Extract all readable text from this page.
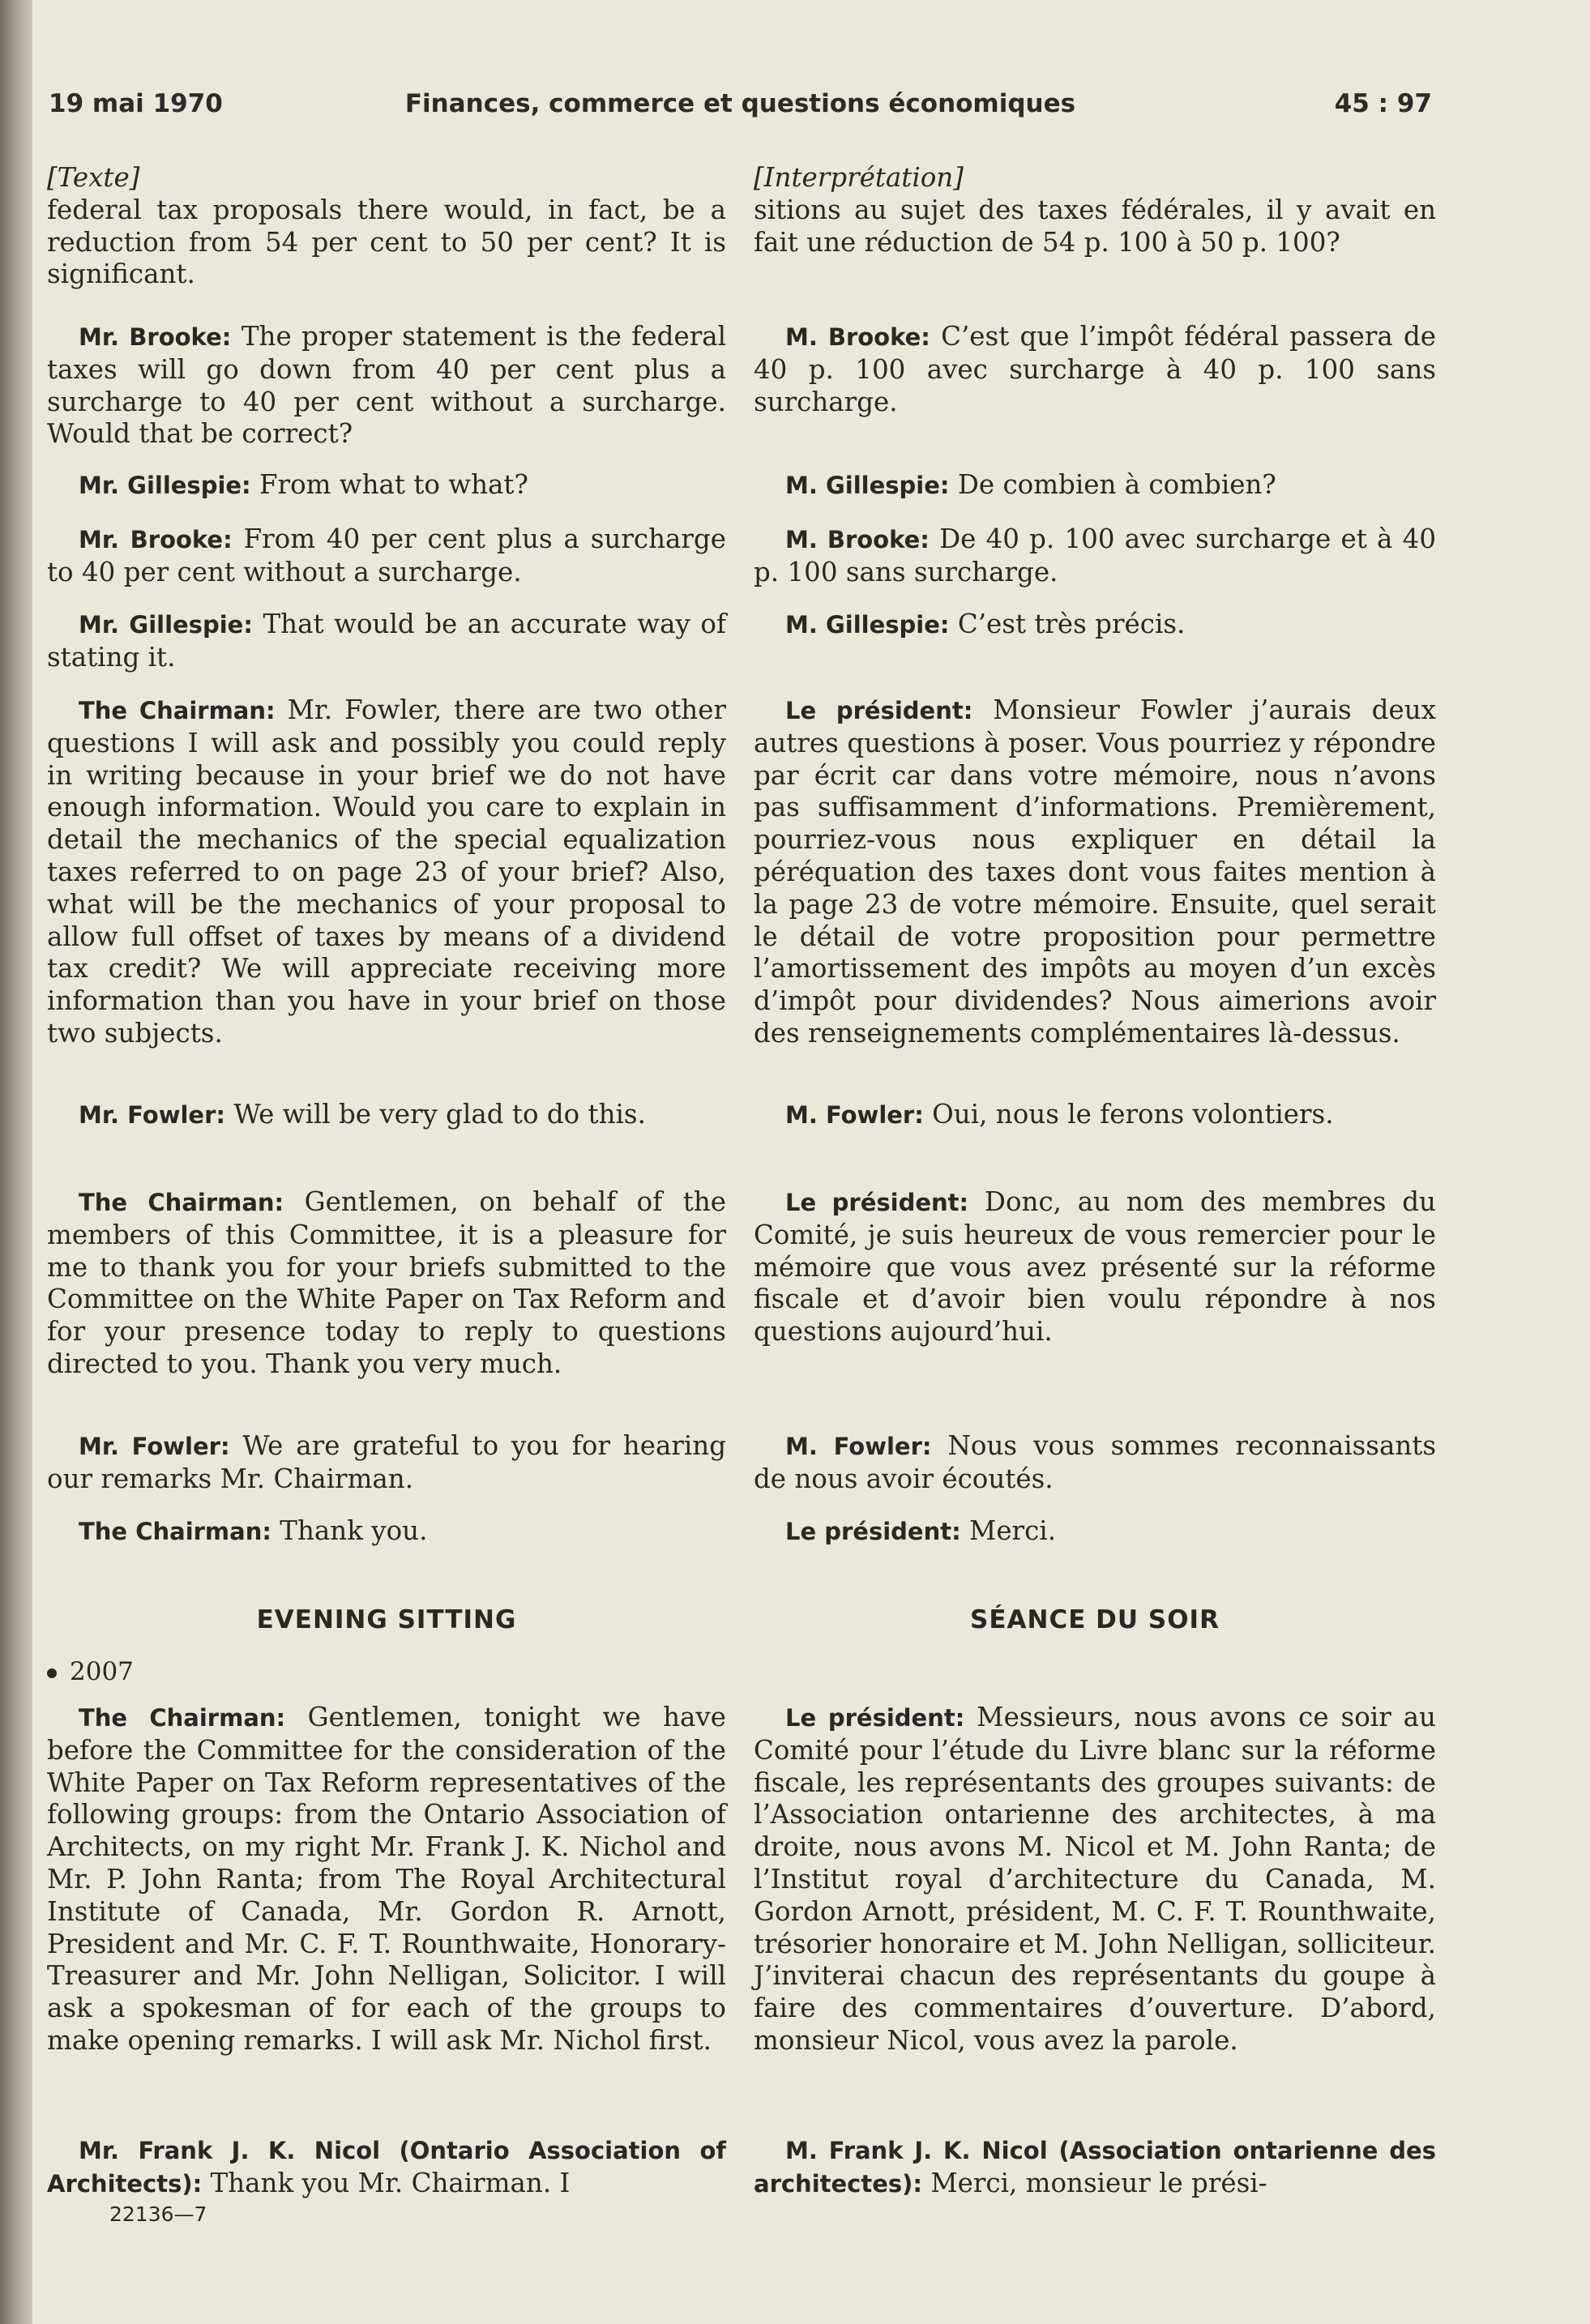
19 mai 1970	Finances, commerce et questions économiques	45 : 97
[Texte]

federal tax proposals there would, in fact, be a reduction from 54 per cent to 50 per cent? It is significant.

Mr. Brooke: The proper statement is the federal taxes will go down from 40 per cent plus a surcharge to 40 per cent without a surcharge. Would that be correct?

Mr. Gillespie: From what to what?

Mr. Brooke: From 40 per cent plus a surcharge to 40 per cent without a surcharge.

Mr. Gillespie: That would be an accurate way of stating it.

The Chairman: Mr. Fowler, there are two other questions I will ask and possibly you could reply in writing because in your brief we do not have enough information. Would you care to explain in detail the mechanics of the special equalization taxes referred to on page 23 of your brief? Also, what will be the mechanics of your proposal to allow full offset of taxes by means of a dividend tax credit? We will appreciate receiving more information than you have in your brief on those two subjects.

Mr. Fowler: We will be very glad to do this.

The Chairman: Gentlemen, on behalf of the members of this Committee, it is a pleasure for me to thank you for your briefs submitted to the Committee on the White Paper on Tax Reform and for your presence today to reply to questions directed to you. Thank you very much.

Mr. Fowler: We are grateful to you for hearing our remarks Mr. Chairman.

The Chairman: Thank you.

EVENING SITTING
2007

The Chairman: Gentlemen, tonight we have before the Committee for the consideration of the White Paper on Tax Reform representatives of the following groups: from the Ontario Association of Architects, on my right Mr. Frank J. K. Nichol and Mr. P. John Ranta; from The Royal Architectural Institute of Canada, Mr. Gordon R. Arnott, President and Mr. C. F. T. Rounthwaite, Honorary-Treasurer and Mr. John Nelligan, Solicitor. I will ask a spokesman of for each of the groups to make opening remarks. I will ask Mr. Nichol first.

Mr. Frank J. K. Nicol (Ontario Association of Architects): Thank you Mr. Chairman. I

[Interprétation]

sitions au sujet des taxes fédérales, il y avait en fait une réduction de 54 p. 100 à 50 p. 100?

M. Brooke: C’est que l’impôt fédéral passera de 40 p. 100 avec surcharge à 40 p. 100 sans surcharge.

M. Gillespie: De combien à combien?

M. Brooke: De 40 p. 100 avec surcharge et à 40 p. 100 sans surcharge.

M. Gillespie: C’est très précis.

Le président: Monsieur Fowler j’aurais deux autres questions à poser. Vous pourriez y répondre par écrit car dans votre mémoire, nous n’avons pas suffisamment d’informations. Premièrement, pourriez-vous nous expliquer en détail la péréquation des taxes dont vous faites mention à la page 23 de votre mémoire. Ensuite, quel serait le détail de votre proposition pour permettre l’amortissement des impôts au moyen d’un excès d’impôt pour dividendes? Nous aimerions avoir des renseignements complémentaires là-dessus.

M. Fowler: Oui, nous le ferons volontiers.

Le président: Donc, au nom des membres du Comité, je suis heureux de vous remercier pour le mémoire que vous avez présenté sur la réforme fiscale et d’avoir bien voulu répondre à nos questions aujourd’hui.

M. Fowler: Nous vous sommes reconnaissants de nous avoir écoutés.

Le président: Merci.

SÉANCE DU SOIR

Le président: Messieurs, nous avons ce soir au Comité pour l’étude du Livre blanc sur la réforme fiscale, les représentants des groupes suivants: de l’Association ontarienne des architectes, à ma droite, nous avons M. Nicol et M. John Ranta; de l’Institut royal d’architecture du Canada, M. Gordon Arnott, président, M. C. F. T. Rounthwaite, trésorier honoraire et M. John Nelligan, solliciteur. J’inviterai chacun des représentants du goupe à faire des commentaires d’ouverture. D’abord, monsieur Nicol, vous avez la parole.

M. Frank J. K. Nicol (Association ontarienne des architectes): Merci, monsieur le prési-

22136—7
